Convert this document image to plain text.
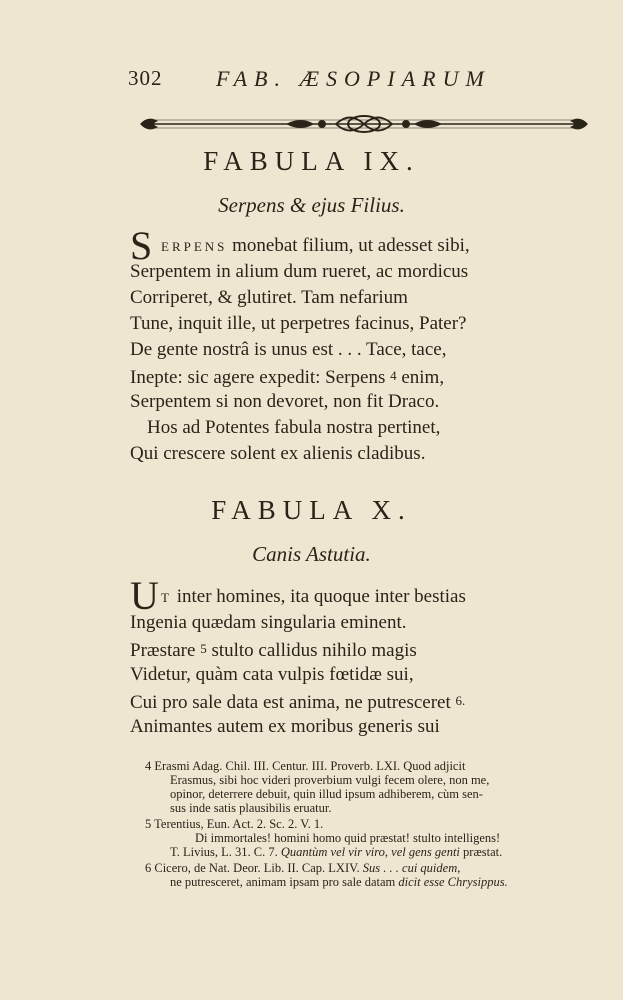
302 FAB. ÆSOPIARUM
FABULA IX.
Serpens & ejus Filius.
S ERPENS monebat filium, ut adesset sibi,
Serpentem in alium dum rueret, ac mordicus
Corriperet, & glutiret. Tam nefarium
Tune, inquit ille, ut perpetres facinus, Pater?
De gente nostrâ is unus est . . . Tace, tace,
Inepte: sic agere expedit: Serpens $^4$ enim,
Serpentem si non devoret, non fit Draco.
Hos ad Potentes fabula nostra pertinet,
Qui crescere solent ex alienis cladibus.
FABULA X.
Canis Astutia.
U T inter homines, ita quoque inter bestias
Ingenia quædam singularia eminent.
Præstare $^5$ stulto callidus nihilo magis
Videtur, quàm cata vulpis fœtidæ sui,
Cui pro sale data est anima, ne putresceret $^{6.}$
Animantes autem ex moribus generis sui
4 Erasmi Adag. Chil. III. Centur. III. Proverb. LXI. Quod adjicit
Erasmus, sibi hoc videri proverbium vulgi fecem olere, non me,
opinor, deterrere debuit, quin illud ipsum adhiberem, cùm sen-
sus inde satis plausibilis eruatur.
5 Terentius, Eun. Act. 2. Sc. 2. V. 1.
Di immortales! homini homo quid præstat! stulto intelligens!
T. Livius, L. 31. C. 7. Quantùm vel vir viro, vel gens genti præstat.
6 Cicero, de Nat. Deor. Lib. II. Cap. LXIV. Sus . . . cui quidem,
ne putresceret, animam ipsam pro sale datam dicit esse Chrysippus.
